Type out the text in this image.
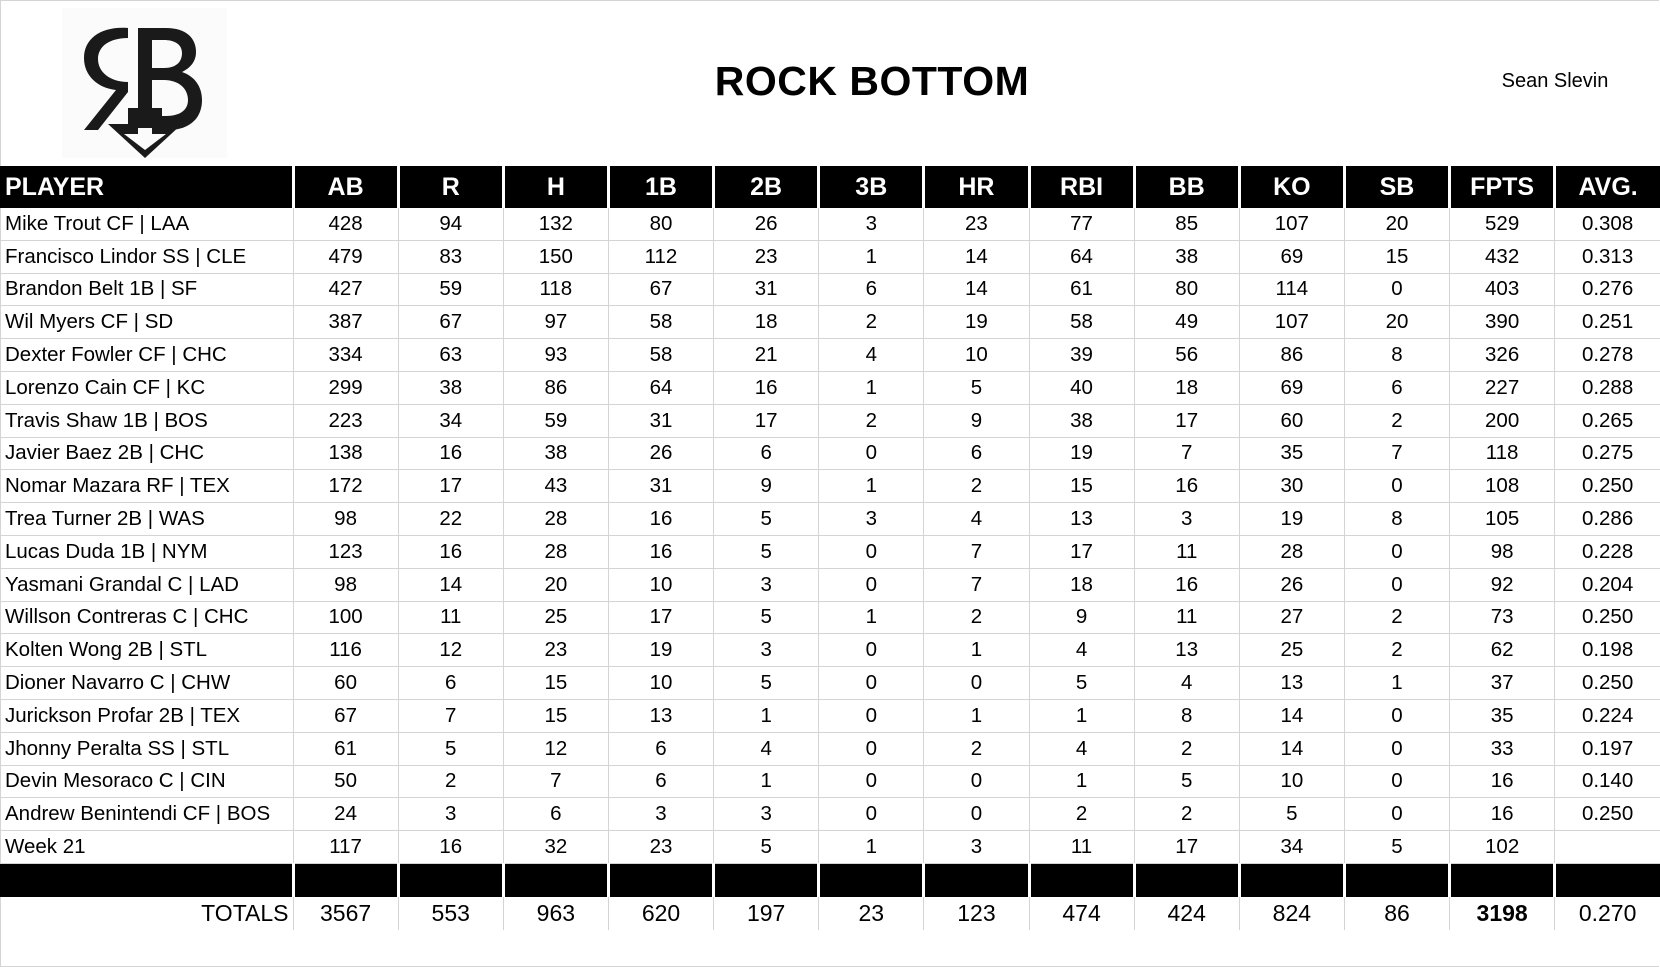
ROCK BOTTOM	Sean Slevin
PLAYER	AB	R	H	1B	2B	3B	HR	RBI	BB	KO	SB	FPTS	AVG.
Mike Trout CF | LAA	428	94	132	80	26	3	23	77	85	107	20	529	0.308
Francisco Lindor SS | CLE	479	83	150	112	23	1	14	64	38	69	15	432	0.313
Brandon Belt 1B | SF	427	59	118	67	31	6	14	61	80	114	0	403	0.276
Wil Myers CF | SD	387	67	97	58	18	2	19	58	49	107	20	390	0.251
Dexter Fowler CF | CHC	334	63	93	58	21	4	10	39	56	86	8	326	0.278
Lorenzo Cain CF | KC	299	38	86	64	16	1	5	40	18	69	6	227	0.288
Travis Shaw 1B | BOS	223	34	59	31	17	2	9	38	17	60	2	200	0.265
Javier Baez 2B | CHC	138	16	38	26	6	0	6	19	7	35	7	118	0.275
Nomar Mazara RF | TEX	172	17	43	31	9	1	2	15	16	30	0	108	0.250
Trea Turner 2B | WAS	98	22	28	16	5	3	4	13	3	19	8	105	0.286
Lucas Duda 1B | NYM	123	16	28	16	5	0	7	17	11	28	0	98	0.228
Yasmani Grandal C | LAD	98	14	20	10	3	0	7	18	16	26	0	92	0.204
Willson Contreras C | CHC	100	11	25	17	5	1	2	9	11	27	2	73	0.250
Kolten Wong 2B | STL	116	12	23	19	3	0	1	4	13	25	2	62	0.198
Dioner Navarro C | CHW	60	6	15	10	5	0	0	5	4	13	1	37	0.250
Jurickson Profar 2B | TEX	67	7	15	13	1	0	1	1	8	14	0	35	0.224
Jhonny Peralta SS | STL	61	5	12	6	4	0	2	4	2	14	0	33	0.197
Devin Mesoraco C | CIN	50	2	7	6	1	0	0	1	5	10	0	16	0.140
Andrew Benintendi CF | BOS	24	3	6	3	3	0	0	2	2	5	0	16	0.250
Week 21	117	16	32	23	5	1	3	11	17	34	5	102	

TOTALS	3567	553	963	620	197	23	123	474	424	824	86	3198	0.270
